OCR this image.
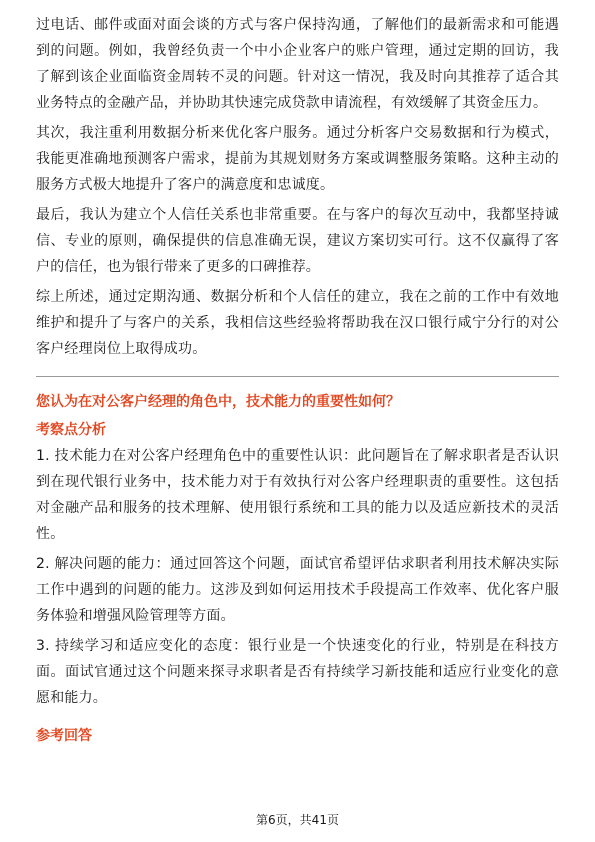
过电话、邮件或面对面会谈的方式与客户保持沟通，了解他们的最新需求和可能遇到的问题。例如，我曾经负责一个中小企业客户的账户管理，通过定期的回访，我了解到该企业面临资金周转不灵的问题。针对这一情况，我及时向其推荐了适合其业务特点的金融产品，并协助其快速完成贷款申请流程，有效缓解了其资金压力。

其次，我注重利用数据分析来优化客户服务。通过分析客户交易数据和行为模式，我能更准确地预测客户需求，提前为其规划财务方案或调整服务策略。这种主动的服务方式极大地提升了客户的满意度和忠诚度。

最后，我认为建立个人信任关系也非常重要。在与客户的每次互动中，我都坚持诚信、专业的原则，确保提供的信息准确无误，建议方案切实可行。这不仅赢得了客户的信任，也为银行带来了更多的口碑推荐。

综上所述，通过定期沟通、数据分析和个人信任的建立，我在之前的工作中有效地维护和提升了与客户的关系，我相信这些经验将帮助我在汉口银行咸宁分行的对公客户经理岗位上取得成功。

您认为在对公客户经理的角色中，技术能力的重要性如何？
考察点分析

1. 技术能力在对公客户经理角色中的重要性认识：此问题旨在了解求职者是否认识到在现代银行业务中，技术能力对于有效执行对公客户经理职责的重要性。这包括对金融产品和服务的技术理解、使用银行系统和工具的能力以及适应新技术的灵活性。

2. 解决问题的能力：通过回答这个问题，面试官希望评估求职者利用技术解决实际工作中遇到的问题的能力。这涉及到如何运用技术手段提高工作效率、优化客户服务体验和增强风险管理等方面。

3. 持续学习和适应变化的态度：银行业是一个快速变化的行业，特别是在科技方面。面试官通过这个问题来探寻求职者是否有持续学习新技能和适应行业变化的意愿和能力。

参考回答
第6页，共41页
